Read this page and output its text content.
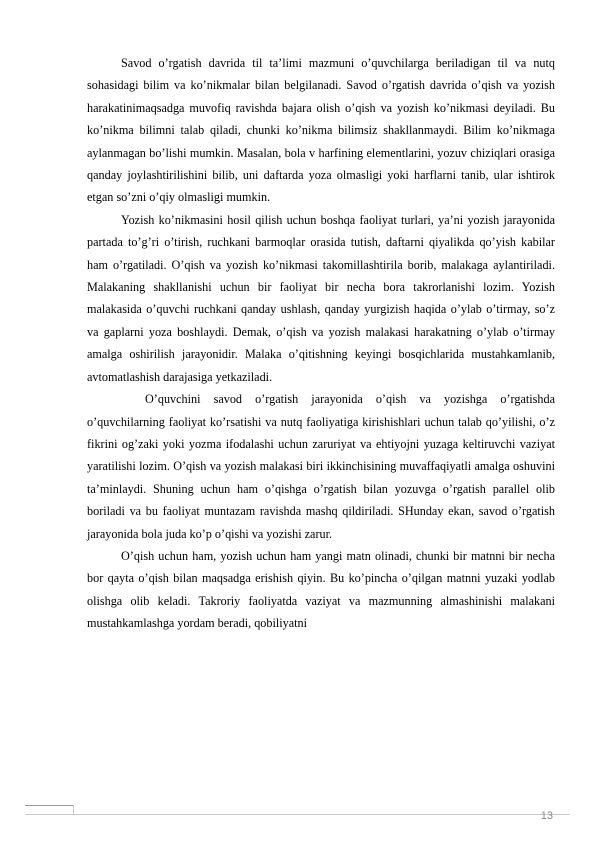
Savod o’rgatish davrida til ta’limi mazmuni o’quvchilarga beriladigan til va nutq sohasidagi bilim va ko’nikmalar bilan belgilanadi. Savod o’rgatish davrida o’qish va yozish harakatinimaqsadga muvofiq ravishda bajara olish o’qish va yozish ko’nikmasi deyiladi. Bu ko’nikma bilimni talab qiladi, chunki ko’nikma bilimsiz shakllanmaydi. Bilim ko’nikmaga aylanmagan bo’lishi mumkin. Masalan, bola v harfining elementlarini, yozuv chiziqlari orasiga qanday joylashtirilishini bilib, uni daftarda yoza olmasligi yoki harflarni tanib, ular ishtirok etgan so’zni o’qiy olmasligi mumkin.

Yozish ko’nikmasini hosil qilish uchun boshqa faoliyat turlari, ya’ni yozish jarayonida partada to’g’ri o’tirish, ruchkani barmoqlar orasida tutish, daftarni qiyalikda qo’yish kabilar ham o’rgatiladi. O’qish va yozish ko’nikmasi takomillashtirila borib, malakaga aylantiriladi. Malakaning shakllanishi uchun bir faoliyat bir necha bora takrorlanishi lozim. Yozish malakasida o’quvchi ruchkani qanday ushlash, qanday yurgizish haqida o’ylab o’tirmay, so’z va gaplarni yoza boshlaydi. Demak, o’qish va yozish malakasi harakatning o’ylab o’tirmay amalga oshirilish jarayonidir. Malaka o’qitishning keyingi bosqichlarida mustahkamlanib, avtomatlashish darajasiga yetkaziladi.

O’quvchini savod o’rgatish jarayonida o’qish va yozishga o’rgatishda o’quvchilarning faoliyat ko’rsatishi va nutq faoliyatiga kirishishlari uchun talab qo’yilishi, o’z fikrini og’zaki yoki yozma ifodalashi uchun zaruriyat va ehtiyojni yuzaga keltiruvchi vaziyat yaratilishi lozim. O’qish va yozish malakasi biri ikkinchisining muvaffaqiyatli amalga oshuvini ta’minlaydi. Shuning uchun ham o’qishga o’rgatish bilan yozuvga o’rgatish parallel olib boriladi va bu faoliyat muntazam ravishda mashq qildiriladi. SHunday ekan, savod o’rgatish jarayonida bola juda ko’p o’qishi va yozishi zarur.

O’qish uchun ham, yozish uchun ham yangi matn olinadi, chunki bir matnni bir necha bor qayta o’qish bilan maqsadga erishish qiyin. Bu ko’pincha o’qilgan matnni yuzaki yodlab olishga olib keladi. Takroriy faoliyatda vaziyat va mazmunning almashinishi malakani mustahkamlashga yordam beradi, qobiliyatni

13
